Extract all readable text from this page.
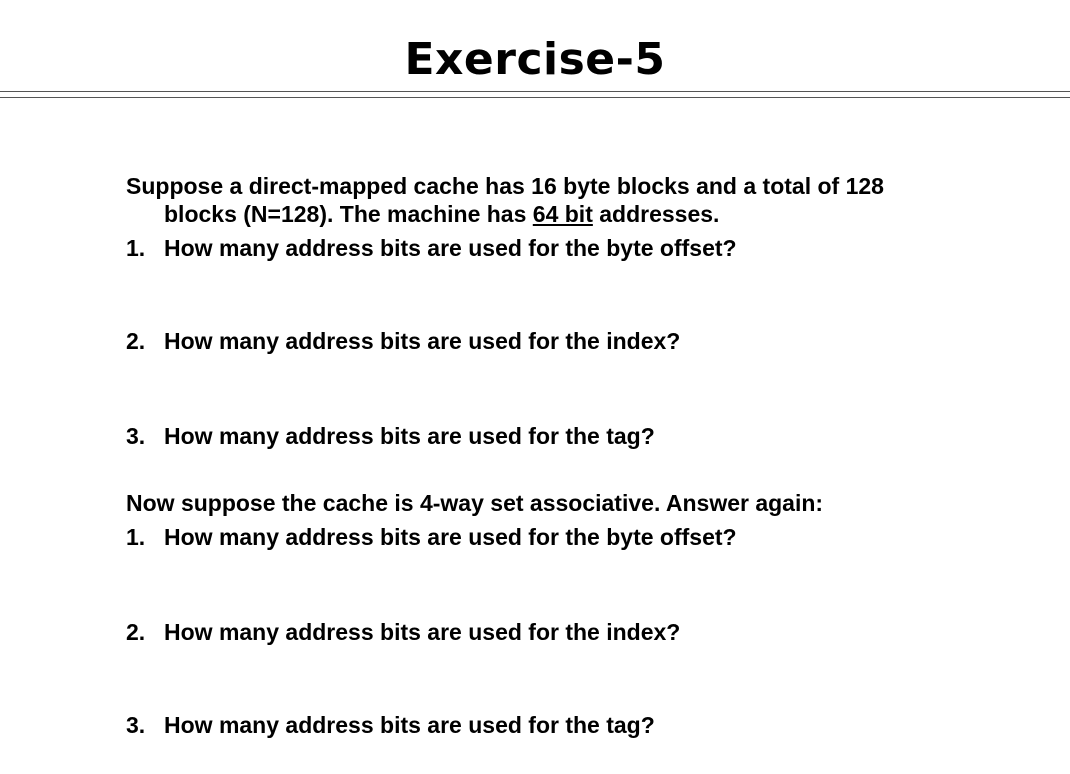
Exercise-5

Suppose a direct-mapped cache has 16 byte blocks and a total of 128

blocks (N=128). The machine has 64 bit addresses.

1. How many address bits are used for the byte offset?

2. How many address bits are used for the index?

3. How many address bits are used for the tag?

Now suppose the cache is 4-way set associative. Answer again:

1. How many address bits are used for the byte offset?

2. How many address bits are used for the index?

3. How many address bits are used for the tag?
